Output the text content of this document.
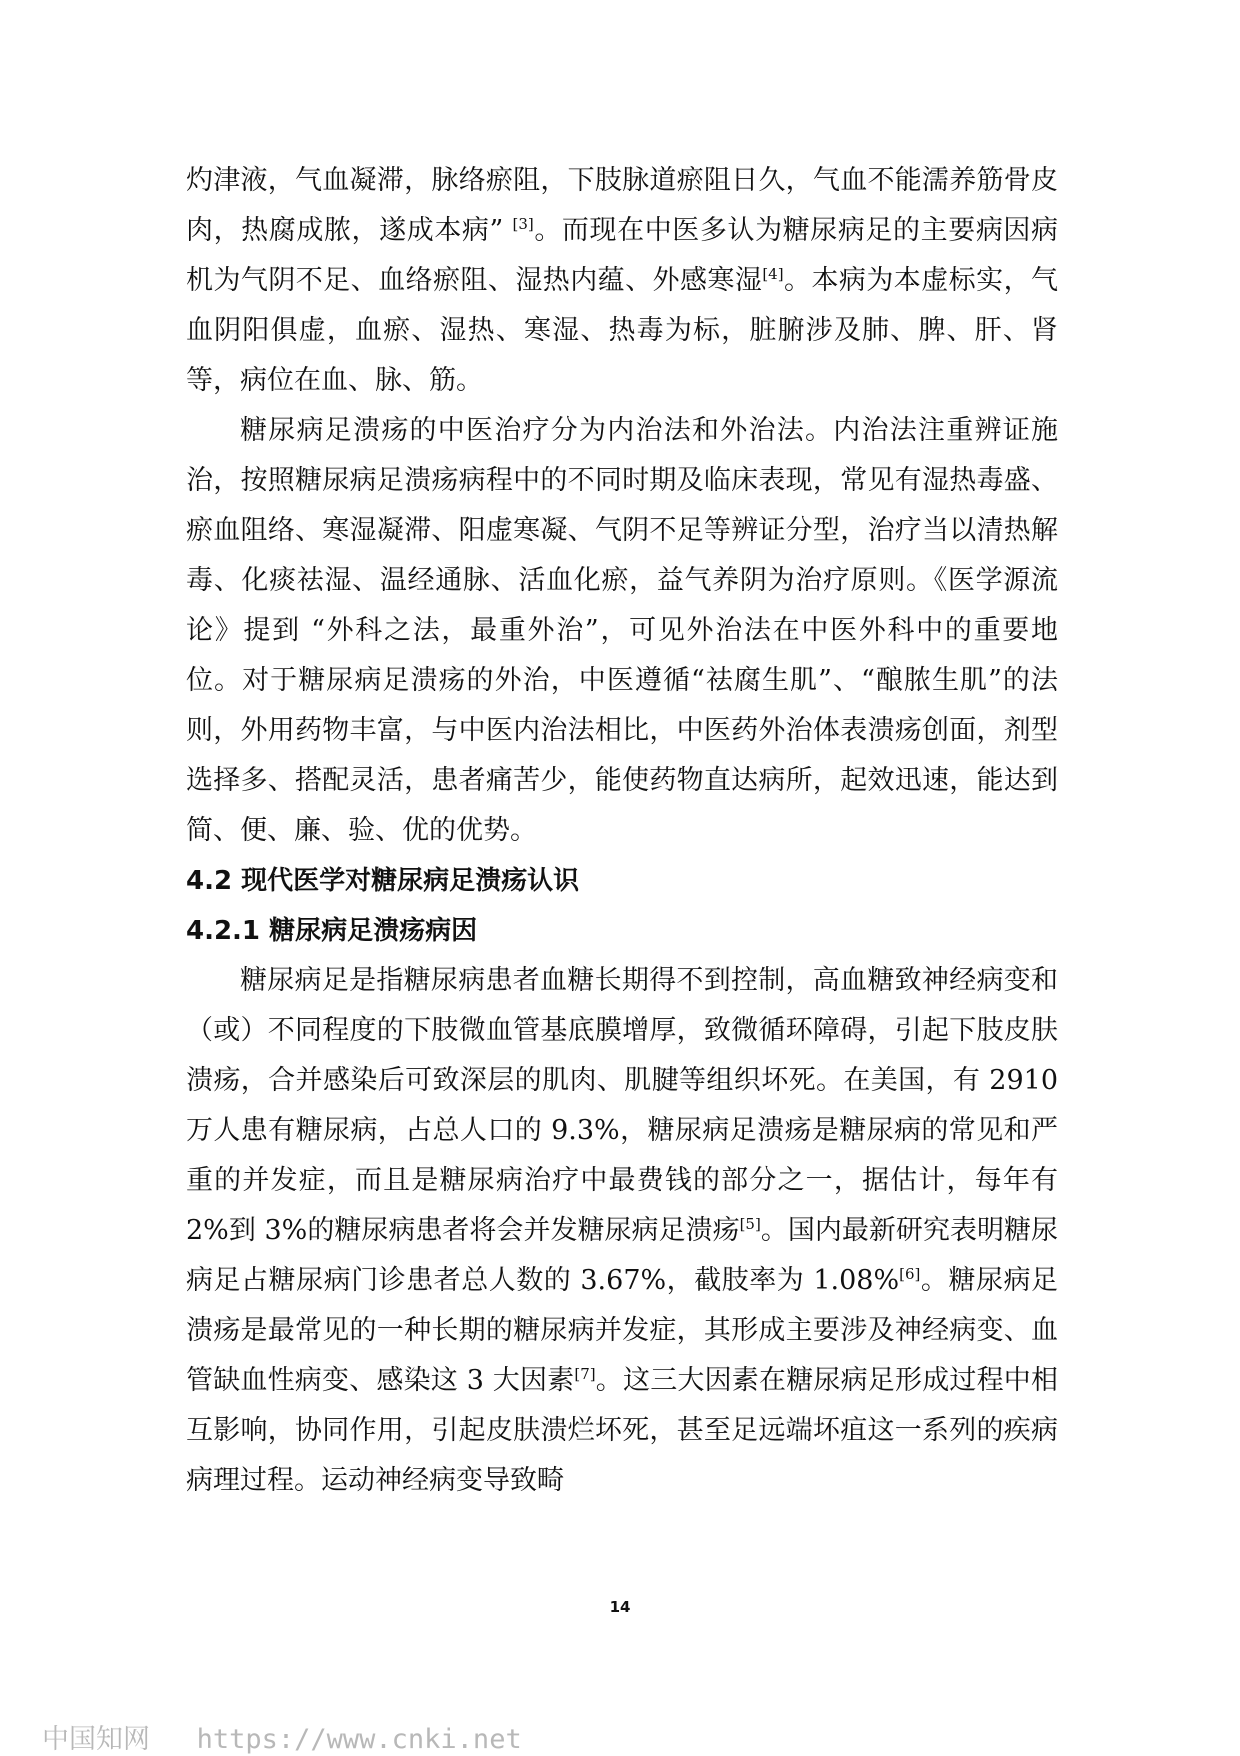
灼津液，气血凝滞，脉络瘀阻，下肢脉道瘀阻日久，气血不能濡养筋骨皮肉，热腐成脓，遂成本病” [3]。而现在中医多认为糖尿病足的主要病因病机为气阴不足、血络瘀阻、湿热内蕴、外感寒湿[4]。本病为本虚标实，气血阴阳俱虚，血瘀、湿热、寒湿、热毒为标，脏腑涉及肺、脾、肝、肾等，病位在血、脉、筋。

糖尿病足溃疡的中医治疗分为内治法和外治法。内治法注重辨证施治，按照糖尿病足溃疡病程中的不同时期及临床表现，常见有湿热毒盛、瘀血阻络、寒湿凝滞、阳虚寒凝、气阴不足等辨证分型，治疗当以清热解毒、化痰祛湿、温经通脉、活血化瘀，益气养阴为治疗原则。《医学源流论》提到 “外科之法，最重外治”，可见外治法在中医外科中的重要地位。对于糖尿病足溃疡的外治，中医遵循“祛腐生肌”、“酿脓生肌”的法则，外用药物丰富，与中医内治法相比，中医药外治体表溃疡创面，剂型选择多、搭配灵活，患者痛苦少，能使药物直达病所，起效迅速，能达到简、便、廉、验、优的优势。

4.2 现代医学对糖尿病足溃疡认识

4.2.1 糖尿病足溃疡病因

糖尿病足是指糖尿病患者血糖长期得不到控制，高血糖致神经病变和（或）不同程度的下肢微血管基底膜增厚，致微循环障碍，引起下肢皮肤溃疡，合并感染后可致深层的肌肉、肌腱等组织坏死。在美国，有 2910 万人患有糖尿病，占总人口的 9.3%，糖尿病足溃疡是糖尿病的常见和严重的并发症，而且是糖尿病治疗中最费钱的部分之一，据估计，每年有 2%到 3%的糖尿病患者将会并发糖尿病足溃疡[5]。国内最新研究表明糖尿病足占糖尿病门诊患者总人数的 3.67%，截肢率为 1.08%[6]。糖尿病足溃疡是最常见的一种长期的糖尿病并发症，其形成主要涉及神经病变、血管缺血性病变、感染这 3 大因素[7]。这三大因素在糖尿病足形成过程中相互影响，协同作用，引起皮肤溃烂坏死，甚至足远端坏疽这一系列的疾病病理过程。运动神经病变导致畸

14
中国知网 https://www.cnki.net
